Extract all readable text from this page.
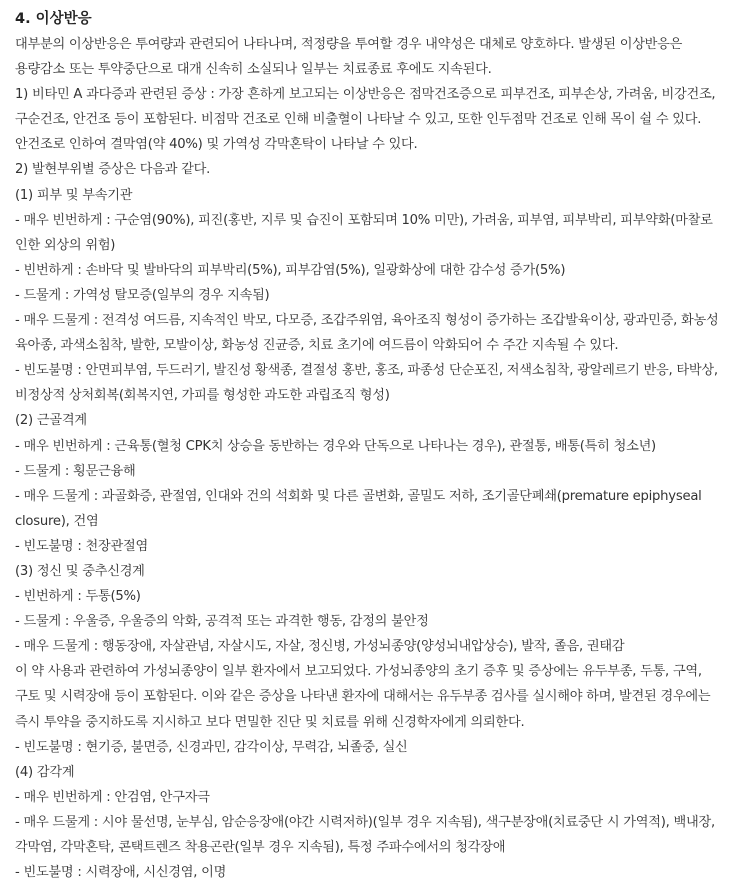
4. 이상반응

대부분의 이상반응은 투여량과 관련되어 나타나며, 적정량을 투여할 경우 내약성은 대체로 양호하다. 발생된 이상반응은 용량감소 또는 투약중단으로 대개 신속히 소실되나 일부는 치료종료 후에도 지속된다.

1) 비타민 A 과다증과 관련된 증상 : 가장 흔하게 보고되는 이상반응은 점막건조증으로 피부건조, 피부손상, 가려움, 비강건조, 구순건조, 안건조 등이 포함된다. 비점막 건조로 인해 비출혈이 나타날 수 있고, 또한 인두점막 건조로 인해 목이 쉴 수 있다. 안건조로 인하여 결막염(약 40%) 및 가역성 각막혼탁이 나타날 수 있다.

2) 발현부위별 증상은 다음과 같다.

(1) 피부 및 부속기관

- 매우 빈번하게 : 구순염(90%), 피진(홍반, 지루 및 습진이 포함되며 10% 미만), 가려움, 피부염, 피부박리, 피부약화(마찰로 인한 외상의 위험)

- 빈번하게 : 손바닥 및 발바닥의 피부박리(5%), 피부감염(5%), 일광화상에 대한 감수성 증가(5%)

- 드물게 : 가역성 탈모증(일부의 경우 지속됨)

- 매우 드물게 : 전격성 여드름, 지속적인 박모, 다모증, 조갑주위염, 육아조직 형성이 증가하는 조갑발육이상, 광과민증, 화농성 육아종, 과색소침착, 발한, 모발이상, 화농성 진균증, 치료 초기에 여드름이 악화되어 수 주간 지속될 수 있다.

- 빈도불명 : 안면피부염, 두드러기, 발진성 황색종, 결절성 홍반, 홍조, 파종성 단순포진, 저색소침착, 광알레르기 반응, 타박상, 비정상적 상처회복(회복지연, 가피를 형성한 과도한 과립조직 형성)

(2) 근골격계

- 매우 빈번하게 : 근육통(혈청 CPK치 상승을 동반하는 경우와 단독으로 나타나는 경우), 관절통, 배통(특히 청소년)

- 드물게 : 횡문근융해

- 매우 드물게 : 과골화증, 관절염, 인대와 건의 석회화 및 다른 골변화, 골밀도 저하, 조기골단폐쇄(premature epiphyseal closure), 건염

- 빈도불명 : 천장관절염

(3) 정신 및 중추신경계

- 빈번하게 : 두통(5%)

- 드물게 : 우울증, 우울증의 악화, 공격적 또는 과격한 행동, 감정의 불안정

- 매우 드물게 : 행동장애, 자살관념, 자살시도, 자살, 정신병, 가성뇌종양(양성뇌내압상승), 발작, 졸음, 권태감

이 약 사용과 관련하여 가성뇌종양이 일부 환자에서 보고되었다. 가성뇌종양의 초기 증후 및 증상에는 유두부종, 두통, 구역, 구토 및 시력장애 등이 포함된다. 이와 같은 증상을 나타낸 환자에 대해서는 유두부종 검사를 실시해야 하며, 발견된 경우에는 즉시 투약을 중지하도록 지시하고 보다 면밀한 진단 및 치료를 위해 신경학자에게 의뢰한다.

- 빈도불명 : 현기증, 불면증, 신경과민, 감각이상, 무력감, 뇌졸중, 실신

(4) 감각계

- 매우 빈번하게 : 안검염, 안구자극

- 매우 드물게 : 시야 물선명, 눈부심, 암순응장애(야간 시력저하)(일부 경우 지속됨), 색구분장애(치료중단 시 가역적), 백내장, 각막염, 각막혼탁, 콘택트렌즈 착용곤란(일부 경우 지속됨), 특정 주파수에서의 청각장애

- 빈도불명 : 시력장애, 시신경염, 이명
